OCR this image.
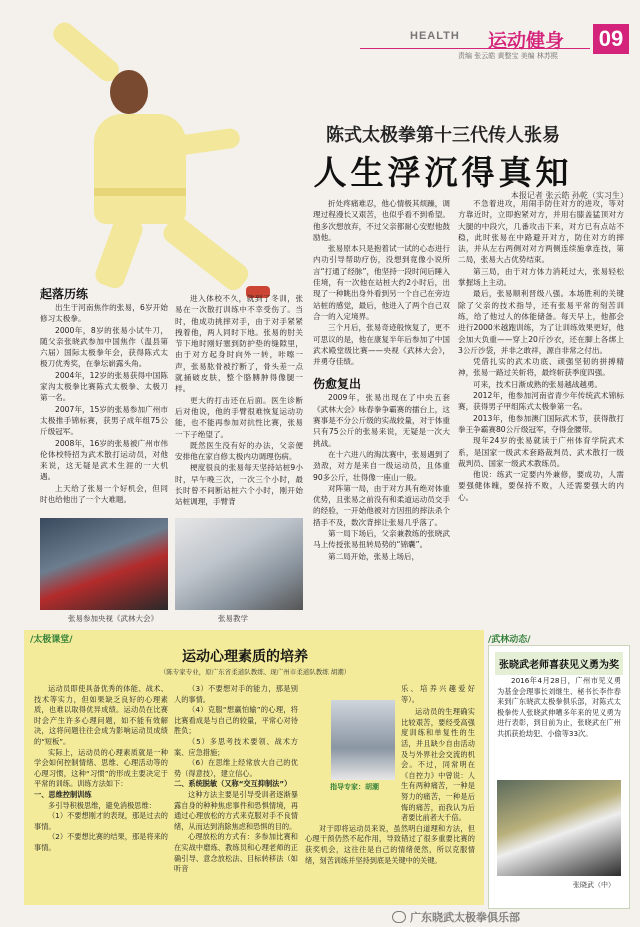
HEALTH 运动健身 09
责编 张云皓 黄整宝 美编 林苏熙
陈式太极拳第十三代传人张易
人生浮沉得真知
本报记者 张云皓 孙乾（实习生）

起落历练

出生于河南焦作的张易，6岁开始修习太极拳。

2000年，8岁的张易小试牛刀，随父亲张晓武参加中国焦作（温县第六届）国际太极拳年会，获得陈式太极刀优秀奖，在拳坛崭露头角。

2004年，12岁的张易获得中国陈家沟太极拳比赛陈式太极拳、太极刀第一名。

2007年，15岁的张易参加广州市太极推手锦标赛，获男子成年组75公斤级冠军。

2008年，16岁的张易被广州市伟伦体校特招为武术散打运动员，对他来说，这无疑是武术生涯的一大机遇。

上天给了张易一个好机会，但同时也给他出了一个大难题。

进入体校不久，就到了冬训，张易在一次散打训练中不幸受伤了。当时，他成功挑摔对手，由于对手紧紧拽着他，两人同时下地。张易的肘关节下地时刚好塞到防护垫的缝隙里，由于对方起身时向外一转，咔嚓一声，张易肱骨被拧断了，骨头差一点就捅破皮肤，整个胳膊肿得像腿一样。

更大的打击还在后面。医生诊断后对他说，他的手臂很难恢复运动功能，也不能再参加对抗性比赛，张易一下子绝望了。

既然医生没有好的办法，父亲便安排他在家自修太极内功调理伤病。

梗度很良的张易每天坚持站桩9小时，早午晚三次，一次三个小时，最长时曾不间断站桩六个小时，刚开始站桩调理，手臂背

折处疼痛难忍，他心情极其烦躁，调理过程漫长又艰苦，也似乎看不到希望。他多次想放弃，不过父亲都耐心安慰他鼓励他。

张易原本只是抱着试一试的心态进行内功引导帮助疗伤，没想到竟像小说所言“打通了经脉”，他坚持一段时间后睡入佳境，有一次他在站桩大约2小时后，出现了一种眺出身外看到另一个自己在旁边站桩的感觉，最后，他进入了两个自己双合一的入定境界。

三个月后，张易奇迹般恢复了，更不可思议的是，他在康复半年后参加了中国武术殿堂级比赛——央视《武林大会》，并勇夺佳绩。

伤愈复出

2009年，张易出现在了中央五套《武林大会》咏春拳争霸赛的擂台上，这赛事是不分公斤级的实战较量，对于体重只有75公斤的张易来说，无疑是一次大挑战。

在十六进八的淘汰赛中，张易遇到了劲敌，对方是来自一级运动员，且体重90多公斤，壮得像一座山一般。

对阵第一局，由于对方具有绝对体重优势，且张易之前没有和柔道运动员交手的经验，一开始他被对方因扭的摔法杀个措手不及，数次背摔让张易几乎落了。

第一局下场后，父亲兼教练的张晓武马上传授张易扭转局势的“锦囊”。

第二局开始，张易上场后，

不急着进攻，用闹手防住对方的进攻，等对方靠近时，立即抱紧对方，并用右膝盖猛顶对方大腿的中段穴，几番攻击下来，对方已有点站不稳，此时张易在中路避开对方，防住对方的摔法，并从左右两侧对对方两侧连续施拿连技，第二局，张易大占优势结束。

第三局，由于对方体力消耗过大，张易轻松掌握场上主动。

最后，张易顺利晋级八强。本场胜利的关键除了父亲的技术指导，还有张易平常的刻苦训练，给了他过人的体能储备。每天早上，他都会进行2000米越跑训练，为了让训练效果更好，他会加大负重——穿上20斤沙衣，还在脚上各绑上3公斤沙袋，并非之敢祥，源自非常之付出。

凭借扎实的武术功底、顽强坚韧的拼搏精神，张易一路过关斩将，最终斩获季度四强。

可来，技术日渐成熟的张易越战越勇。

2012年，他参加河南省青少年传统武术锦标赛，获得男子甲组陈式太极拳第一名。

2013年，他参加澳门国际武术节，获得散打拳王争霸赛80公斤级冠军，夺得金腰带。

现年24岁的张易就读于广州体育学院武术系，是国家一级武术套路裁判员、武术散打一级裁判员、国家一级武术教练员。

他说：练武一定要内外兼修，要成功，人需要强健体魄，要保持不败，人还需要强大的内心。

张易参加央视《武林大会》	张易教学
/太极课堂/
运动心理素质的培养
（陈专家专业，原广东省柔道队教练、现广州市柔道队教练 胡潮）

运动员即使具备优秀的体能、战术、技术等实力，但如果缺乏良好的心理素质，也难以取得优异成绩。运动员在比赛时会产生许多心理问题，如不能有效解决，这将问题往往会成为影响运动员成绩的“短板”。

实际上，运动员的心理素质就是一种学会如何控制情绪、思维、心理活动等的心理习惯，这种“习惯”的形成主要决定于平常的训练。训练方法如下：

一、思维控制训练

多引导积极思维，避免消极思维：

（1）不要想刚才的表现，那是过去的事情。

（2）不要想比赛的结果，那是将来的事情。

（3）不要想对手的能力，那是别人的事情。

（4）克服“想赢怕输”的心理，将比赛看成是与自己的较量，平常心对待胜负；

（5）多思考技术要领、战术方案、应急措施；

（6）在思维上经常放大自己的优势（得意技），建立信心。

二、系统脱敏（又称“交互抑制法”）

这种方法主要是引导受训者逐渐暴露自身的种种焦虑事件和恐惧情境，再通过心理放松的方式来克服对手不良情绪，从而达到消除焦虑和恐惧的目的。

心理放松的方式有：多参加比赛和在实战中磨炼、教练员和心理老师的正确引导、意念放松法、目标转移法（如听音

乐、培养兴趣爱好等）。

运动员的生理确实比较艰苦，要经受高强度训练和单复性的生活，并且缺少自由活动及与外界社会交流的机会。不过，同常明在《自控力》中曾说：人生有两种痛苦，一种是努力的痛苦，一种是后悔的痛苦，而我认为后者要比前者大千倍。

对于即将运动员来说，虽然明白道理和方法，但心理干预仍然不起作用，导致错过了很多重要比赛的获奖机会，这往往是自己的情绪使然，所以克服情绪，刻苦训练并坚持到底是关键中的关键。

指导专家：胡潮
/武林动态/
张晓武老师喜获见义勇为奖

2016年4月28日，广州市见义勇为基金会理事长刘继生、秘书长李作春来到广东晓武太极拳俱乐部，对陈式太极拳传人张晓武伸嘈多年来的见义勇为进行表彰，到目前为止，张晓武在广州共抓获抢劫犯、小偷等33次。

张晓武（中）
广东晓武太极拳俱乐部
